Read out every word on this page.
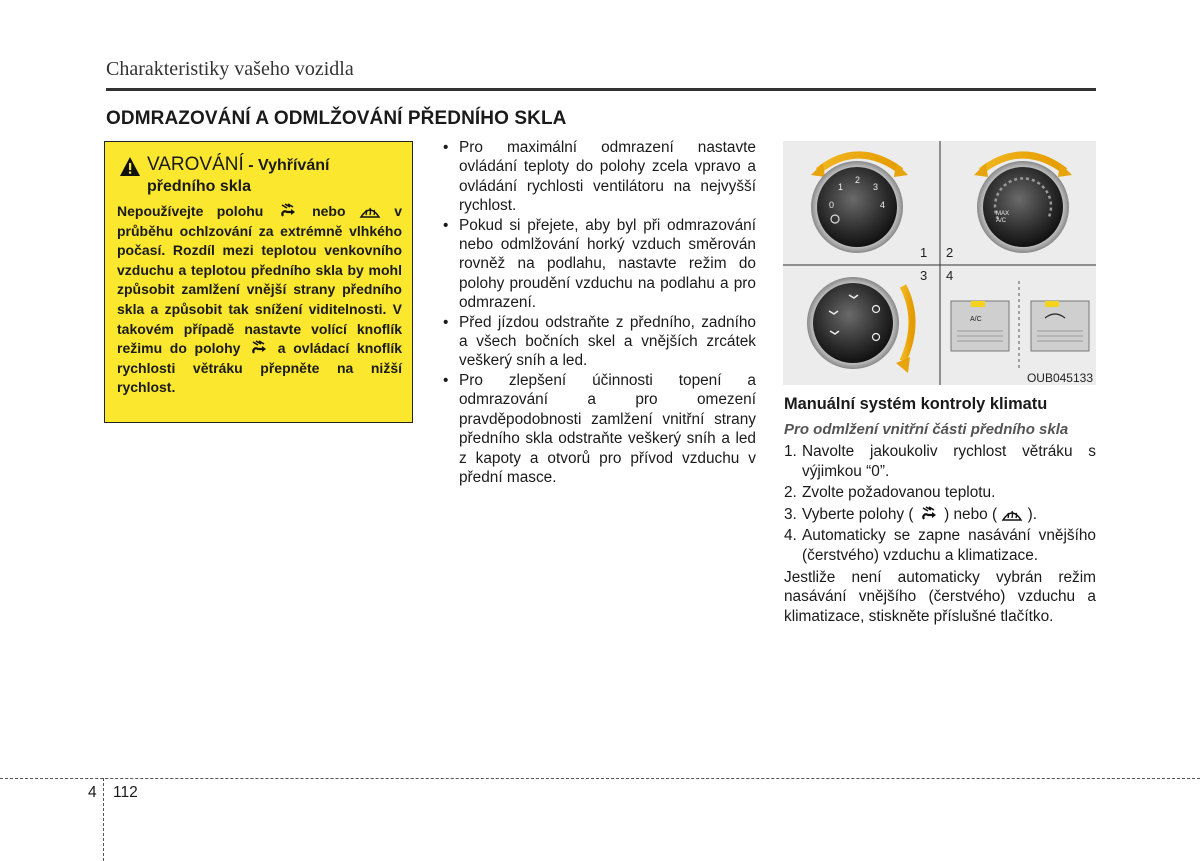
Charakteristiky vašeho vozidla
ODMRAZOVÁNÍ A ODMLŽOVÁNÍ PŘEDNÍHO SKLA
VAROVÁNÍ - Vyhřívání
předního skla
Nepoužívejte polohu	nebo	v průběhu ochlzování za extrémně vlhkého počasí. Rozdíl mezi teplotou venkovního vzduchu a teplotou předního skla by mohl způsobit zamlžení vnější strany předního skla a způsobit tak snížení viditelnosti. V takovém případě nastavte volící knoflík režimu do polohy	a ovládací knoflík rychlosti větráku přepněte na nižší rychlost.
• Pro maximální odmrazení nastavte ovládání teploty do polohy zcela vpravo a ovládání rychlosti ventilátoru na nejvyšší rychlost.
• Pokud si přejete, aby byl při odmrazování nebo odmlžování horký vzduch směrován rovněž na podlahu, nastavte režim do polohy proudění vzduchu na podlahu a pro odmrazení.
• Před jízdou odstraňte z předního, zadního a všech bočních skel a vnějších zrcátek veškerý sníh a led.
• Pro zlepšení účinnosti topení a odmrazování a pro omezení pravděpodobnosti zamlžení vnitřní strany předního skla odstraňte veškerý sníh a led z kapoty a otvorů pro přívod vzduchu v přední masce.
0
1
2
3
4
MAX
A/C
A/C
1 2
3 4
OUB045133
Manuální systém kontroly klimatu
Pro odmlžení vnitřní části předního skla
1. Navolte jakoukoliv rychlost větráku s výjimkou “0”.
2. Zvolte požadovanou teplotu.
3. Vyberte polohy ( ) nebo ( ).
4. Automaticky se zapne nasávání vnějšího (čerstvého) vzduchu a klimatizace.
Jestliže není automaticky vybrán režim nasávání vnějšího (čerstvého) vzduchu a klimatizace, stiskněte příslušné tlačítko.
4 112
